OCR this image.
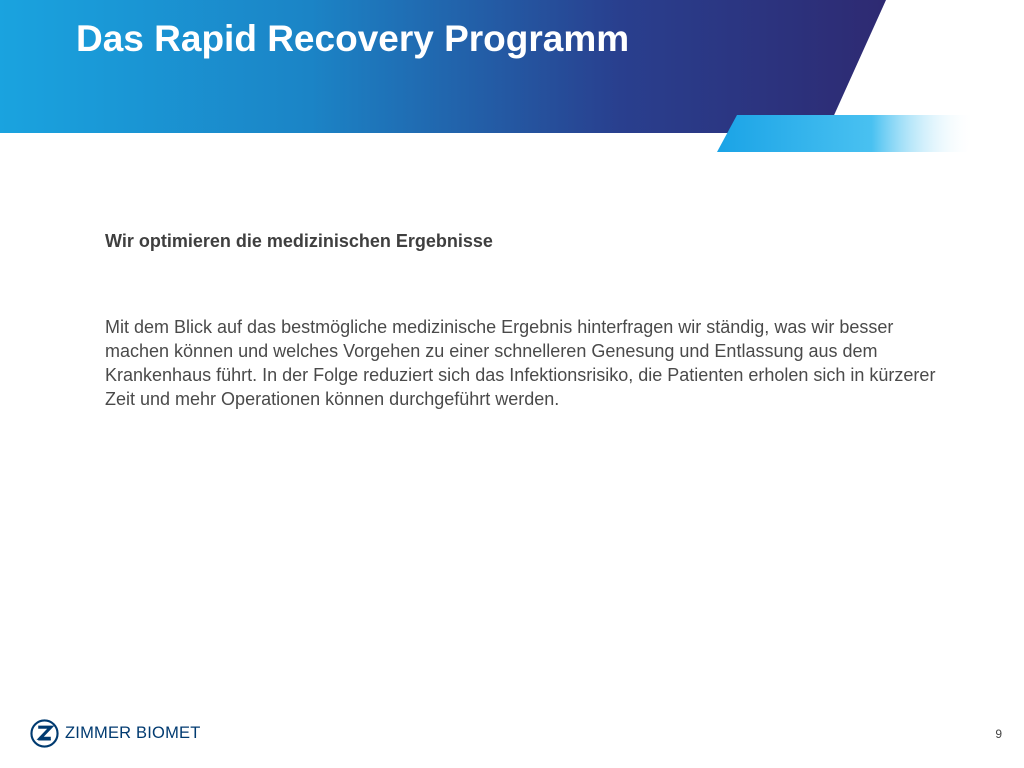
Das Rapid Recovery Programm

Wir optimieren die medizinischen Ergebnisse

Mit dem Blick auf das bestmögliche medizinische Ergebnis hinterfragen wir ständig, was wir besser machen können und welches Vorgehen zu einer schnelleren Genesung und Entlassung aus dem Krankenhaus führt. In der Folge reduziert sich das Infektionsrisiko, die Patienten erholen sich in kürzerer Zeit und mehr Operationen können durchgeführt werden.

ZIMMER BIOMET	9
